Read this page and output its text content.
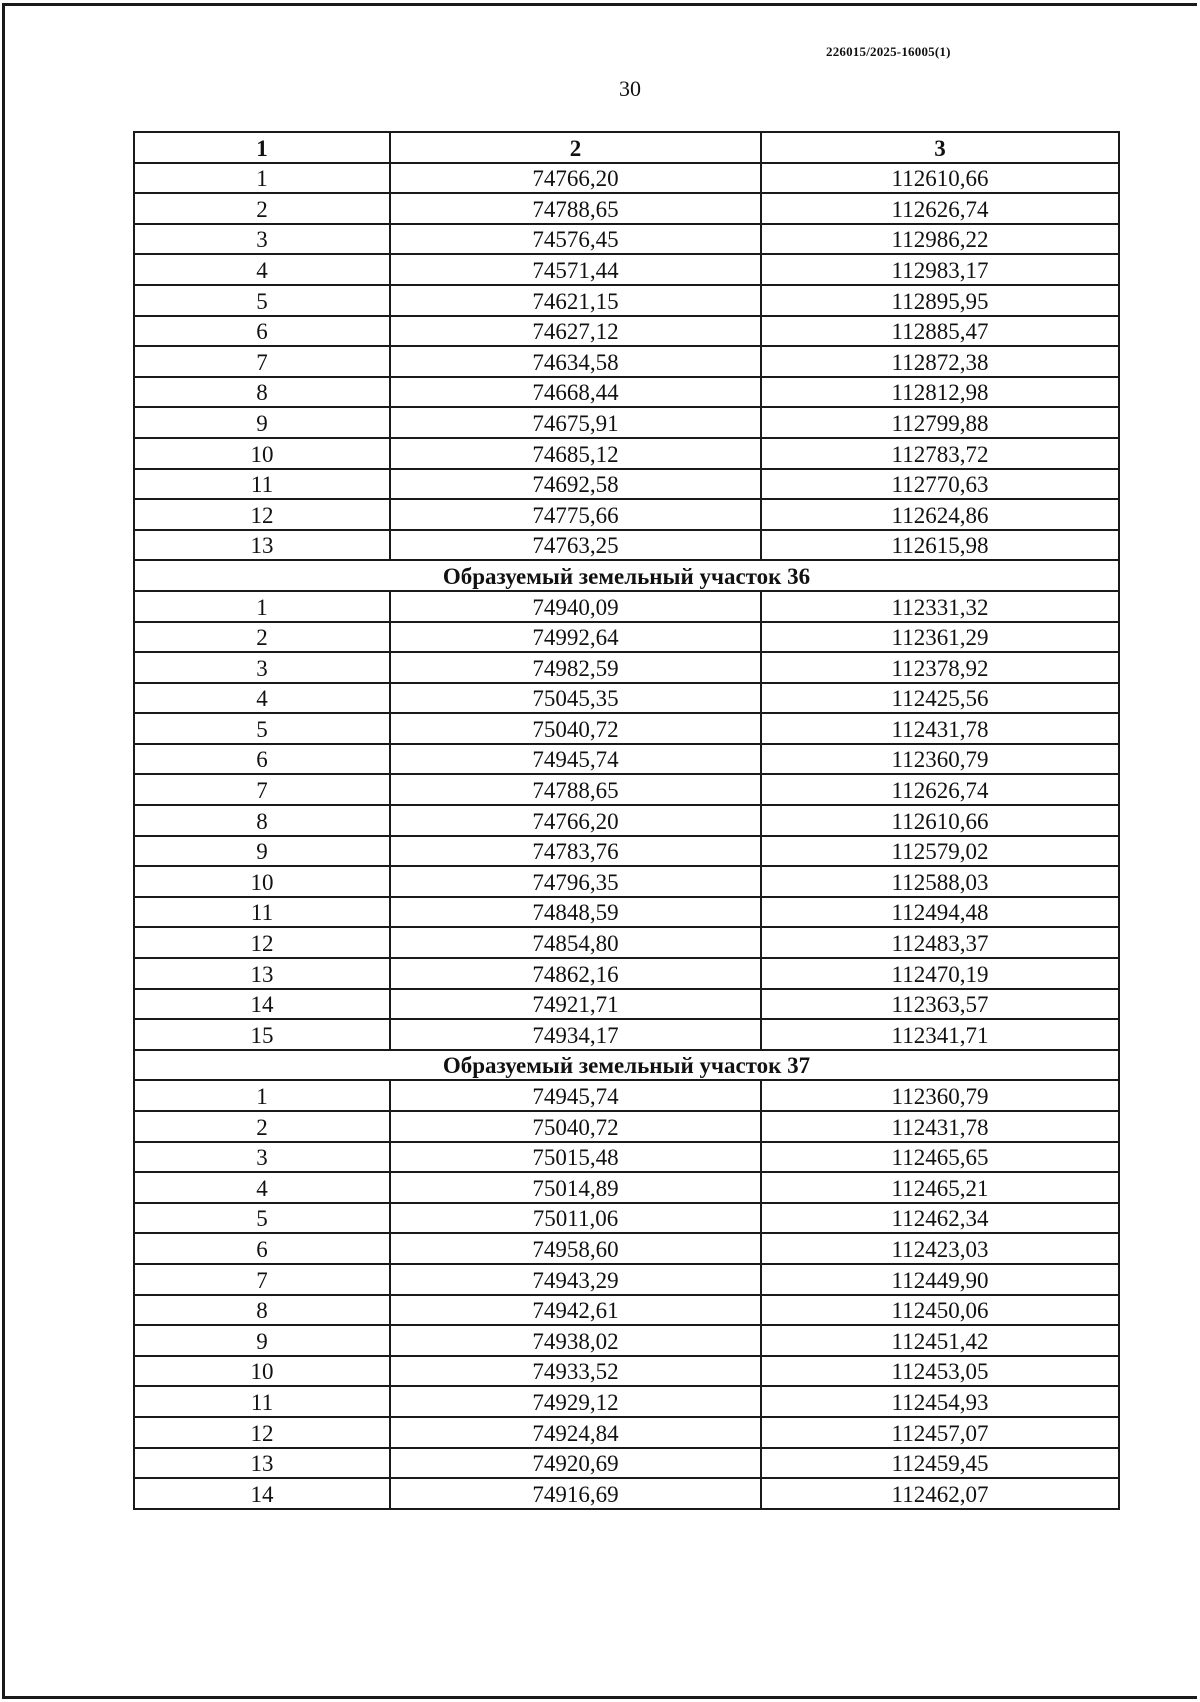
226015/2025-16005(1)
30
1	2	3
1	74766,20	112610,66
2	74788,65	112626,74
3	74576,45	112986,22
4	74571,44	112983,17
5	74621,15	112895,95
6	74627,12	112885,47
7	74634,58	112872,38
8	74668,44	112812,98
9	74675,91	112799,88
10	74685,12	112783,72
11	74692,58	112770,63
12	74775,66	112624,86
13	74763,25	112615,98
Образуемый земельный участок 36		
1	74940,09	112331,32
2	74992,64	112361,29
3	74982,59	112378,92
4	75045,35	112425,56
5	75040,72	112431,78
6	74945,74	112360,79
7	74788,65	112626,74
8	74766,20	112610,66
9	74783,76	112579,02
10	74796,35	112588,03
11	74848,59	112494,48
12	74854,80	112483,37
13	74862,16	112470,19
14	74921,71	112363,57
15	74934,17	112341,71
Образуемый земельный участок 37		
1	74945,74	112360,79
2	75040,72	112431,78
3	75015,48	112465,65
4	75014,89	112465,21
5	75011,06	112462,34
6	74958,60	112423,03
7	74943,29	112449,90
8	74942,61	112450,06
9	74938,02	112451,42
10	74933,52	112453,05
11	74929,12	112454,93
12	74924,84	112457,07
13	74920,69	112459,45
14	74916,69	112462,07
